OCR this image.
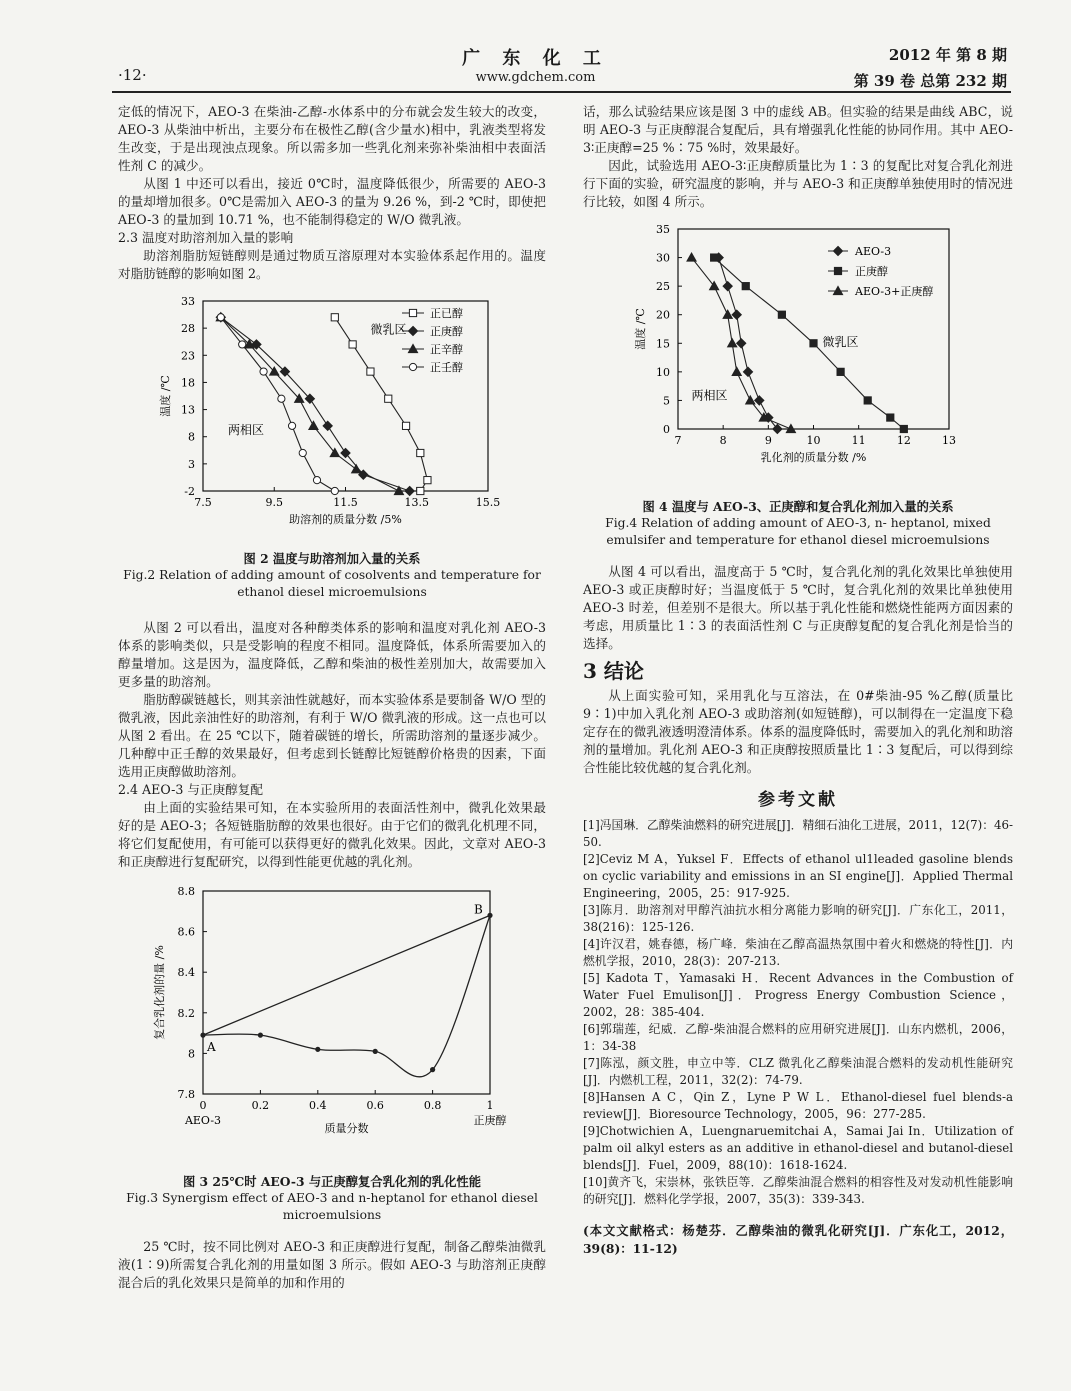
·12·
广 东 化 工
www.gdchem.com
2012 年 第 8 期
第 39 卷 总第 232 期

定低的情况下，AEO-3 在柴油-乙醇-水体系中的分布就会发生较大的改变，AEO-3 从柴油中析出，主要分布在极性乙醇(含少量水)相中，乳液类型将发生改变，于是出现浊点现象。所以需多加一些乳化剂来弥补柴油相中表面活性剂 C 的减少。

从图 1 中还可以看出，接近 0℃时，温度降低很少，所需要的 AEO-3 的量却增加很多。0℃是需加入 AEO-3 的量为 9.26 %，到-2 ℃时，即使把 AEO-3 的量加到 10.71 %，也不能制得稳定的 W/O 微乳液。

2.3 温度对助溶剂加入量的影响

助溶剂脂肪短链醇则是通过物质互溶原理对本实验体系起作用的。温度对脂肪链醇的影响如图 2。

-2
3
8
13
18
23
28
33
7.5	9.5	11.5	13.5	15.5
助溶剂的质量分数 /5%
温度 /℃
微乳区
两相区
正已醇
正庚醇
正辛醇
正壬醇

图 2 温度与助溶剂加入量的关系

Fig.2 Relation of adding amount of cosolvents and temperature for ethanol diesel microemulsions

从图 2 可以看出，温度对各种醇类体系的影响和温度对乳化剂 AEO-3 体系的影响类似，只是受影响的程度不相同。温度降低，体系所需要加入的醇量增加。这是因为，温度降低，乙醇和柴油的极性差別加大，故需要加入更多量的助溶剂。

脂肪醇碳链越长，则其亲油性就越好，而本实验体系是要制备 W/O 型的微乳液，因此亲油性好的助溶剂，有利于 W/O 微乳液的形成。这一点也可以从图 2 看出。在 25 ℃以下，随着碳链的增长，所需助溶剂的量逐步减少。几种醇中正壬醇的效果最好，但考虑到长链醇比短链醇价格贵的因素，下面选用正庚醇做助溶剂。

2.4 AEO-3 与正庚醇复配

由上面的实验结果可知，在本实验所用的表面活性剂中，微乳化效果最好的是 AEO-3；各短链脂肪醇的效果也很好。由于它们的微乳化机理不同，将它们复配使用，有可能可以获得更好的微乳化效果。因此，文章对 AEO-3 和正庚醇进行复配研究，以得到性能更优越的乳化剂。

7.8
8
8.2
8.4
8.6
8.8
0	0.2	0.4	0.6	0.8	1
质量分数
复合乳化剂的量 /%
A
B
AEO-3	正庚醇

图 3 25℃时 AEO-3 与正庚醇复合乳化剂的乳化性能

Fig.3 Synergism effect of AEO-3 and n-heptanol for ethanol diesel microemulsions

25 ℃时，按不同比例对 AEO-3 和正庚醇进行复配，制备乙醇柴油微乳液(1∶9)所需复合乳化剂的用量如图 3 所示。假如 AEO-3 与助溶剂正庚醇混合后的乳化效果只是简单的加和作用的

话，那么试验结果应该是图 3 中的虚线 AB。但实验的结果是曲线 ABC，说明 AEO-3 与正庚醇混合复配后，具有增强乳化性能的协同作用。其中 AEO-3∶正庚醇=25 %∶75 %时，效果最好。

因此，试验选用 AEO-3∶正庚醇质量比为 1∶3 的复配比对复合乳化剂进行下面的实验，研究温度的影响，并与 AEO-3 和正庚醇单独使用时的情况进行比较，如图 4 所示。

0
5
10
15
20
25
30
35
7	8	9	10	11	12	13
乳化剂的质量分数 /%
温度 /℃	微乳区
两相区
AEO-3
正庚醇
AEO-3+正庚醇

图 4 温度与 AEO-3、正庚醇和复合乳化剂加入量的关系

Fig.4 Relation of adding amount of AEO-3, n- heptanol, mixed emulsifer and temperature for ethanol diesel microemulsions

从图 4 可以看出，温度高于 5 ℃时，复合乳化剂的乳化效果比单独使用 AEO-3 或正庚醇时好；当温度低于 5 ℃时，复合乳化剂的效果比单独使用 AEO-3 时差，但差别不是很大。所以基于乳化性能和燃烧性能两方面因素的考虑，用质量比 1∶3 的表面活性剂 C 与正庚醇复配的复合乳化剂是恰当的选择。

3 结论

从上面实验可知，采用乳化与互溶法，在 0#柴油-95 %乙醇(质量比 9∶1)中加入乳化剂 AEO-3 或助溶剂(如短链醇)，可以制得在一定温度下稳定存在的微乳液透明澄清体系。体系的温度降低时，需要加入的乳化剂和助溶剂的量增加。乳化剂 AEO-3 和正庚醇按照质量比 1∶3 复配后，可以得到综合性能比较优越的复合乳化剂。

参考文献

[1]冯国琳．乙醇柴油燃料的研究进展[J]．精细石油化工进展，2011，12(7)：46-50.

[2]Ceviz M A，Yuksel F．Effects of ethanol ul1leaded gasoline blends on cyclic variability and emissions in an SI engine[J]．Applied Thermal Engineering，2005，25：917-925.

[3]陈月．助溶剂对甲醇汽油抗水相分离能力影响的研究[J]．广东化工，2011，38(216)：125-126.

[4]许汉君，姚春德，杨广峰．柴油在乙醇高温热氛围中着火和燃烧的特性[J]．内燃机学报，2010，28(3)：207-213.

[5] Kadota T，Yamasaki H．Recent Advances in the Combustion of Water Fuel Emulison[J]．Progress Energy Combustion Science，2002，28：385-404.

[6]郭瑞莲，纪威．乙醇-柴油混合燃料的应用研究进展[J]．山东内燃机，2006，1：34-38

[7]陈泓，颜文胜，申立中等．CLZ 微乳化乙醇柴油混合燃料的发动机性能研究[J]．内燃机工程，2011，32(2)：74-79.

[8]Hansen A C，Qin Z，Lyne P W L．Ethanol-diesel fuel blends-a review[J]．Bioresource Technology，2005，96：277-285.

[9]Chotwichien A，Luengnaruemitchai A，Samai Jai In．Utilization of palm oil alkyl esters as an additive in ethanol-diesel and butanol-diesel blends[J]．Fuel，2009，88(10)：1618-1624.

[10]黄齐飞，宋崇林，张铁臣等．乙醇柴油混合燃料的相容性及对发动机性能影响的研究[J]．燃料化学学报，2007，35(3)：339-343.

(本文文献格式：杨楚芬．乙醇柴油的微乳化研究[J]．广东化工，2012，39(8)：11-12)
